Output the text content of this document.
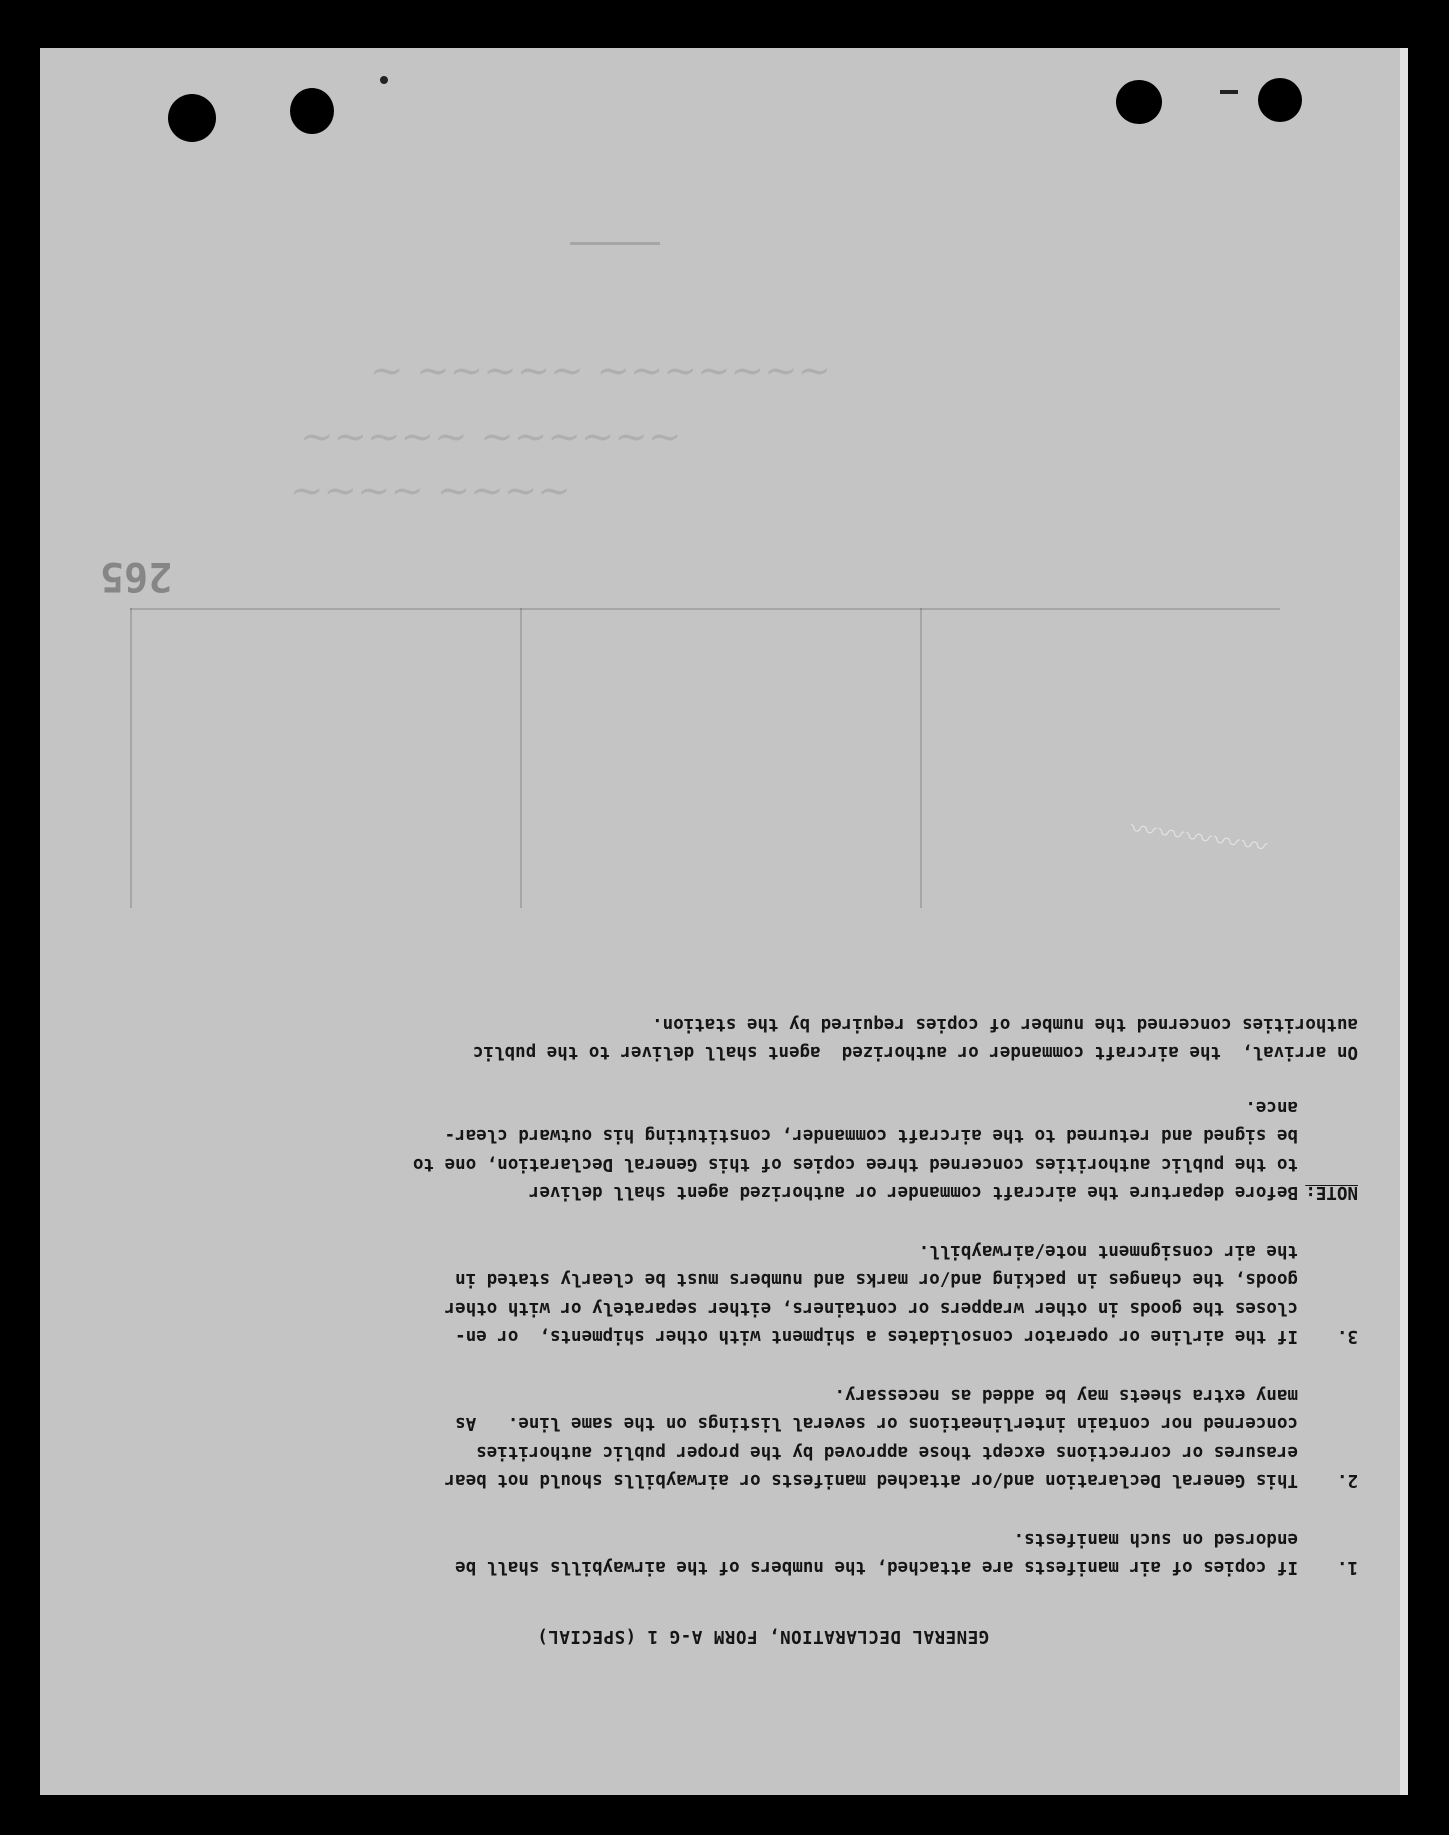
~ ~~~~~ ~~~~~~~
~~~~~ ~~~~~~
~~~~ ~~~~
〰〰〰〰〰
265
GENERAL DECLARATION, FORM A-G 1 (SPECIAL)
1.
If copies of air manifests are attached, the numbers of the airwaybills shall be
endorsed on such manifests.
2.
This General Declaration and/or attached manifests or airwaybills should not bear
erasures or corrections except those approved by the proper public authorities
concerned nor contain interlineations or several listings on the same line.   As
many extra sheets may be added as necessary.
3.
If the airline or operator consolidates a shipment with other shipments,  or en-
closes the goods in other wrappers or containers, either separately or with other
goods, the changes in packing and/or marks and numbers must be clearly stated in
the air consignment note/airwaybill.
NOTE:
Before departure the aircraft commander or authorized agent shall deliver
to the public authorities concerned three copies of this General Declaration, one to
be signed and returned to the aircraft commander, constituting his outward clear-
ance.

On arrival,  the aircraft commander or authorized  agent shall deliver to the public
authorities concerned the number of copies required by the station.
